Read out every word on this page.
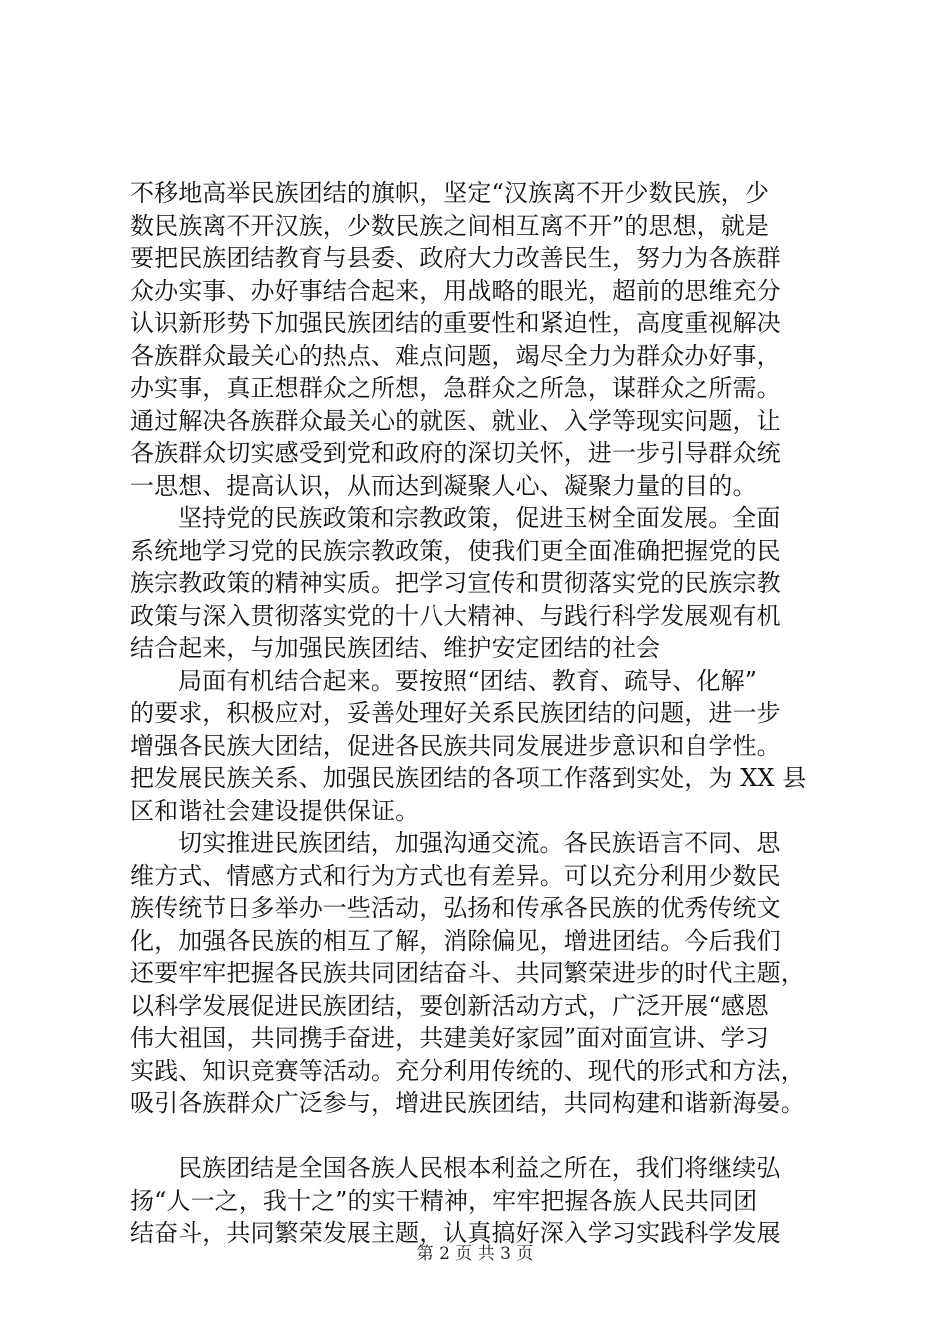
不移地高举民族团结的旗帜，坚定“汉族离不开少数民族，少
数民族离不开汉族，少数民族之间相互离不开”的思想，就是
要把民族团结教育与县委、政府大力改善民生，努力为各族群
众办实事、办好事结合起来，用战略的眼光，超前的思维充分
认识新形势下加强民族团结的重要性和紧迫性，高度重视解决
各族群众最关心的热点、难点问题，竭尽全力为群众办好事，
办实事，真正想群众之所想，急群众之所急，谋群众之所需。
通过解决各族群众最关心的就医、就业、入学等现实问题，让
各族群众切实感受到党和政府的深切关怀，进一步引导群众统
一思想、提高认识，从而达到凝聚人心、凝聚力量的目的。
坚持党的民族政策和宗教政策，促进玉树全面发展。全面
系统地学习党的民族宗教政策，使我们更全面准确把握党的民
族宗教政策的精神实质。把学习宣传和贯彻落实党的民族宗教
政策与深入贯彻落实党的十八大精神、与践行科学发展观有机
结合起来，与加强民族团结、维护安定团结的社会
局面有机结合起来。要按照“团结、教育、疏导、化解”
的要求，积极应对，妥善处理好关系民族团结的问题，进一步
增强各民族大团结，促进各民族共同发展进步意识和自学性。
把发展民族关系、加强民族团结的各项工作落到实处，为 XX 县
区和谐社会建设提供保证。
切实推进民族团结，加强沟通交流。各民族语言不同、思
维方式、情感方式和行为方式也有差异。可以充分利用少数民
族传统节日多举办一些活动，弘扬和传承各民族的优秀传统文
化，加强各民族的相互了解，消除偏见，增进团结。今后我们
还要牢牢把握各民族共同团结奋斗、共同繁荣进步的时代主题，
以科学发展促进民族团结，要创新活动方式，广泛开展“感恩
伟大祖国，共同携手奋进，共建美好家园”面对面宣讲、学习
实践、知识竞赛等活动。充分利用传统的、现代的形式和方法，
吸引各族群众广泛参与，增进民族团结，共同构建和谐新海晏。
民族团结是全国各族人民根本利益之所在，我们将继续弘
扬“人一之，我十之”的实干精神，牢牢把握各族人民共同团
结奋斗，共同繁荣发展主题，认真搞好深入学习实践科学发展
第 2 页 共 3 页
